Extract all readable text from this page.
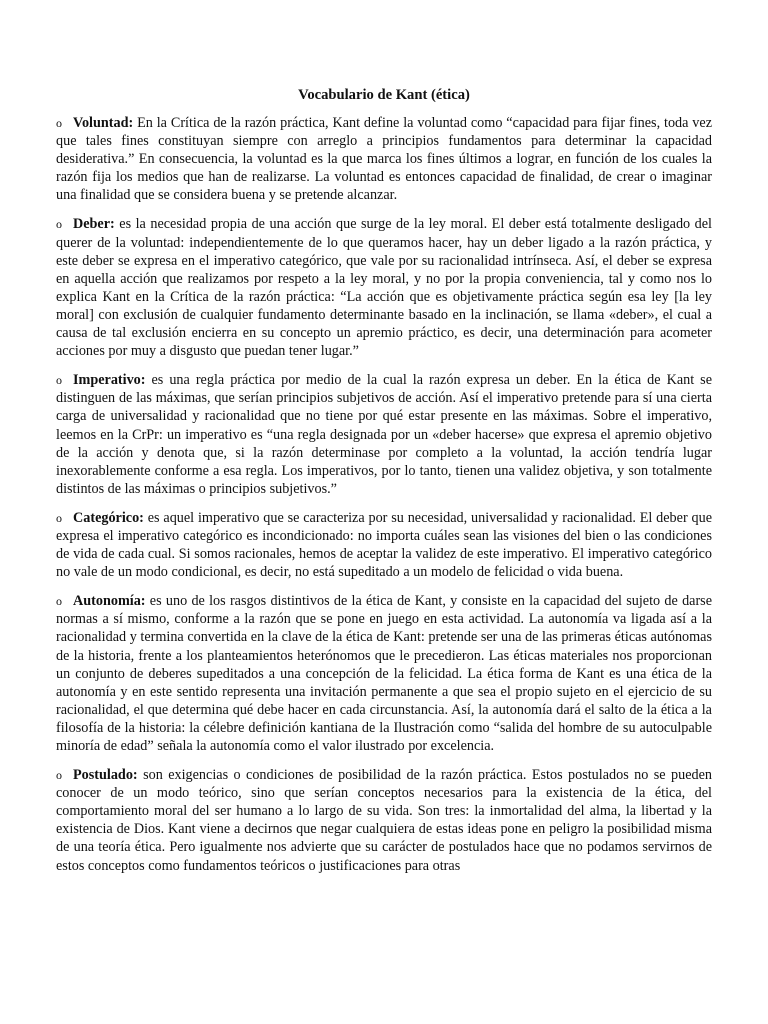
Vocabulario de Kant (ética)
o Voluntad: En la Crítica de la razón práctica, Kant define la voluntad como “capacidad para fijar fines, toda vez que tales fines constituyan siempre con arreglo a principios fundamentos para determinar la capacidad desiderativa.” En consecuencia, la voluntad es la que marca los fines últimos a lograr, en función de los cuales la razón fija los medios que han de realizarse. La voluntad es entonces capacidad de finalidad, de crear o imaginar una finalidad que se considera buena y se pretende alcanzar.
o Deber: es la necesidad propia de una acción que surge de la ley moral. El deber está totalmente desligado del querer de la voluntad: independientemente de lo que queramos hacer, hay un deber ligado a la razón práctica, y este deber se expresa en el imperativo categórico, que vale por su racionalidad intrínseca. Así, el deber se expresa en aquella acción que realizamos por respeto a la ley moral, y no por la propia conveniencia, tal y como nos lo explica Kant en la Crítica de la razón práctica: “La acción que es objetivamente práctica según esa ley [la ley moral] con exclusión de cualquier fundamento determinante basado en la inclinación, se llama «deber», el cual a causa de tal exclusión encierra en su concepto un apremio práctico, es decir, una determinación para acometer acciones por muy a disgusto que puedan tener lugar.”
o Imperativo: es una regla práctica por medio de la cual la razón expresa un deber. En la ética de Kant se distinguen de las máximas, que serían principios subjetivos de acción. Así el imperativo pretende para sí una cierta carga de universalidad y racionalidad que no tiene por qué estar presente en las máximas. Sobre el imperativo, leemos en la CrPr: un imperativo es “una regla designada por un «deber hacerse» que expresa el apremio objetivo de la acción y denota que, si la razón determinase por completo a la voluntad, la acción tendría lugar inexorablemente conforme a esa regla. Los imperativos, por lo tanto, tienen una validez objetiva, y son totalmente distintos de las máximas o principios subjetivos.”
o Categórico: es aquel imperativo que se caracteriza por su necesidad, universalidad y racionalidad. El deber que expresa el imperativo categórico es incondicionado: no importa cuáles sean las visiones del bien o las condiciones de vida de cada cual. Si somos racionales, hemos de aceptar la validez de este imperativo. El imperativo categórico no vale de un modo condicional, es decir, no está supeditado a un modelo de felicidad o vida buena.
o Autonomía: es uno de los rasgos distintivos de la ética de Kant, y consiste en la capacidad del sujeto de darse normas a sí mismo, conforme a la razón que se pone en juego en esta actividad. La autonomía va ligada así a la racionalidad y termina convertida en la clave de la ética de Kant: pretende ser una de las primeras éticas autónomas de la historia, frente a los planteamientos heterónomos que le precedieron. Las éticas materiales nos proporcionan un conjunto de deberes supeditados a una concepción de la felicidad. La ética forma de Kant es una ética de la autonomía y en este sentido representa una invitación permanente a que sea el propio sujeto en el ejercicio de su racionalidad, el que determina qué debe hacer en cada circunstancia. Así, la autonomía dará el salto de la ética a la filosofía de la historia: la célebre definición kantiana de la Ilustración como “salida del hombre de su autoculpable minoría de edad” señala la autonomía como el valor ilustrado por excelencia.
o Postulado: son exigencias o condiciones de posibilidad de la razón práctica. Estos postulados no se pueden conocer de un modo teórico, sino que serían conceptos necesarios para la existencia de la ética, del comportamiento moral del ser humano a lo largo de su vida. Son tres: la inmortalidad del alma, la libertad y la existencia de Dios. Kant viene a decirnos que negar cualquiera de estas ideas pone en peligro la posibilidad misma de una teoría ética. Pero igualmente nos advierte que su carácter de postulados hace que no podamos servirnos de estos conceptos como fundamentos teóricos o justificaciones para otras
